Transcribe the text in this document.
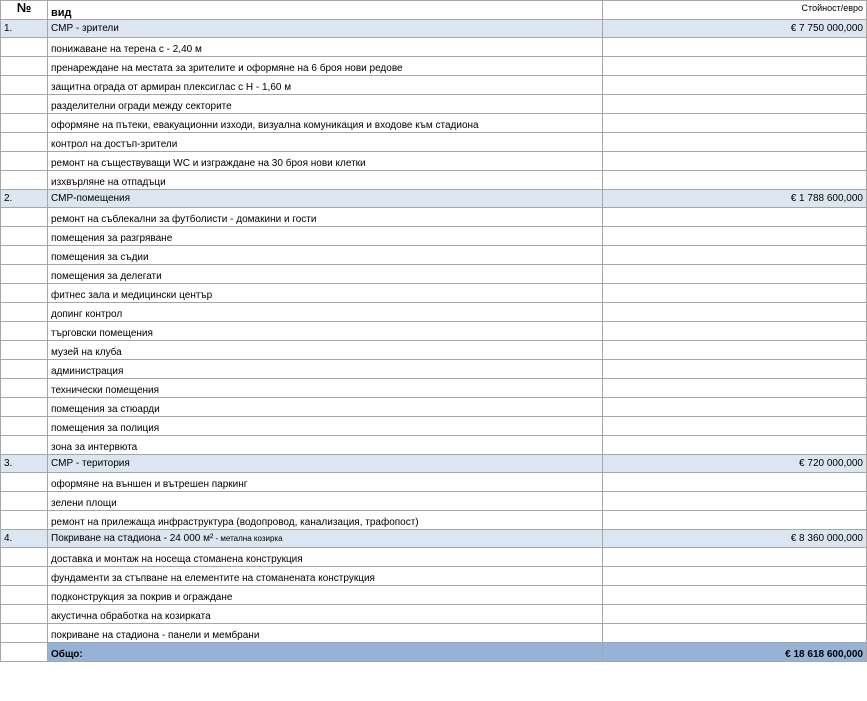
№	вид	Стойност/евро
1.	СМР - зрители	€ 7 750 000,000
	понижаване на терена с - 2,40 м	
	пренареждане на местата за зрителите и оформяне на 6 броя нови редове	
	защитна ограда от армиран плексиглас с Н - 1,60 м	
	разделителни огради между секторите	
	оформяне на пътеки, евакуационни изходи, визуална комуникация и входове към стадиона	
	контрол на достъп-зрители	
	ремонт на съществуващи WC и изграждане на 30 броя нови клетки	
	изхвърляне на отпадъци	
2.	СМР-помещения	€ 1 788 600,000
	ремонт на съблекални за футболисти - домакини и гости	
	помещения за разгряване	
	помещения за съдии	
	помещения за делегати	
	фитнес зала и медицински център	
	допинг контрол	
	търговски помещения	
	музей на клуба	
	администрация	
	технически помещения	
	помещения за стюарди	
	помещения за полиция	
	зона за интервюта	
3.	СМР - територия	€ 720 000,000
	оформяне на външен и вътрешен паркинг	
	зелени площи	
	ремонт на прилежаща инфраструктура (водопровод, канализация, трафопост)	
4.	Покриване на стадиона - 24 000 м² - метална козирка	€ 8 360 000,000
	доставка и монтаж на носеща стоманена конструкция	
	фундаменти за стъпване на елементите на стоманената конструкция	
	подконструкция за покрив и ограждане	
	акустична обработка на козирката	
	покриване на стадиона - панели и мембрани	
	Общо:	€ 18 618 600,000
